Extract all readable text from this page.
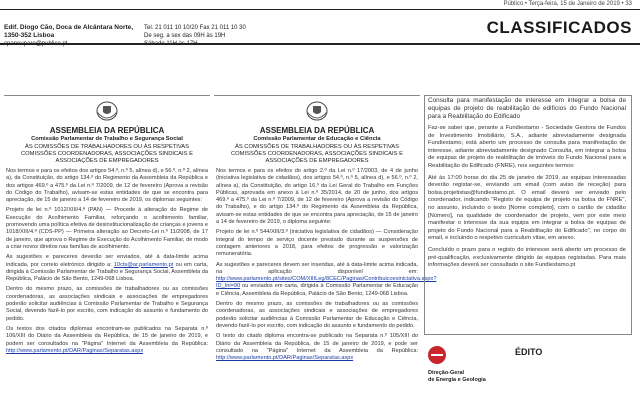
Público • Terça-feira, 15 de Janeiro de 2019 • 33
Edif. Diogo Cão, Doca de Alcântara Norte,
1350-352 Lisboa

Tel. 21 011 10 10/20 Fax 21 011 10 30
De seg. a sex das 09H às 19H	CLASSIFICADOS
ASSEMBLEIA DA REPÚBLICA
Comissão Parlamentar de Trabalho e Segurança Social
ÀS COMISSÕES DE TRABALHADORES OU ÀS RESPETIVAS COMISSÕES COORDENADORAS, ASSOCIAÇÕES SINDICAIS E ASSOCIAÇÕES DE EMPREGADORES

Nos termos e para os efeitos dos artigos 54.º, n.º 5, alínea d), e 56.º, n.º 2, alínea a), da Constituição, do artigo 134.º do Regimento da Assembleia da República e dos artigos 469.º a 475.º da Lei n.º 7/2009, de 12 de fevereiro (Aprova a revisão do Código do Trabalho), avisam-se estas entidades de que se encontra para apreciação, de 15 de janeiro a 14 de fevereiro de 2019, os diplomas seguintes:

Projeto de lei n.º 1012/XIII/4.ª (PAN) — Procede à alteração do Regime de Execução do Acolhimento Familiar, reforçando o acolhimento familiar, promovendo uma política efetiva de desinstitucionalização de crianças e jovens e 1018/XIII/4.ª (CDS-PP) — Primeira alteração ao Decreto-Lei n.º 11/2008, de 17 de janeiro, que aprova o Regime de Execução do Acolhimento Familiar, de modo a criar novos direitos nas famílias de acolhimento.

As sugestões e pareceres deverão ser enviados, até à data-limite acima indicada, por correio eletrónico dirigido a: 10cts@ar.parlamento.pt ou em carta, dirigida à Comissão Parlamentar de Trabalho e Segurança Social, Assembleia da República, Palácio de São Bento, 1249-068 Lisboa.

Dentro do mesmo prazo, as comissões de trabalhadores ou as comissões coordenadoras, as associações sindicais e associações de empregadores poderão solicitar audiências à Comissão Parlamentar de Trabalho e Segurança Social, devendo fazê-lo por escrito, com indicação do assunto e fundamento do pedido.

Os textos dos citados diplomas encontram-se publicados na Separata n.º 106/XIII do Diário da Assembleia da República, de 15 de janeiro de 2019, e podem ser consultados na "Página" Internet da Assembleia da República: http://www.parlamento.pt/DAR/Paginas/Separatas.aspx

ASSEMBLEIA DA REPÚBLICA
Comissão Parlamentar de Educação e Ciência
ÀS COMISSÕES DE TRABALHADORES OU ÀS RESPETIVAS COMISSÕES COORDENADORAS, ASSOCIAÇÕES SINDICAIS E ASSOCIAÇÕES DE EMPREGADORES

Nos termos e para os efeitos do artigo 2.º da Lei n.º 17/2003, de 4 de junho (iniciativa legislativa de cidadãos), dos artigos 54.º, n.º 5, alínea d), e 56.º, n.º 2, alínea a), da Constituição, do artigo 16.º da Lei Geral do Trabalho em Funções Públicas, aprovada em anexo à Lei n.º 35/2014, de 20 de junho, dos artigos 469.º a 475.º da Lei n.º 7/2009, de 12 de fevereiro (Aprova a revisão do Código do Trabalho), e do artigo 134.º do Regimento da Assembleia da República, avisam-se estas entidades de que se encontra para apreciação, de 15 de janeiro a 14 de fevereiro de 2019, o diploma seguinte:

Projeto de lei n.º 544/XIII/3.ª (iniciativa legislativa de cidadãos) — Consideração integral do tempo de serviço docente prestado durante as suspensões de contagem anteriores a 2018, para efeitos de progressão e valorização remuneratória.

As sugestões e pareceres devem ser inseridas, até à data-limite acima indicada, na aplicação disponível em: http://www.parlamento.pt/sites/COM/XIIILeg/8CEC/Paginas/Contribuicoesiniciativa.aspx?ID_Ini=90 ou enviados em carta, dirigida à Comissão Parlamentar de Educação e Ciência, Assembleia da República, Palácio de São Bento, 1249-068 Lisboa.

Dentro do mesmo prazo, as comissões de trabalhadores ou as comissões coordenadoras, as associações sindicais e associações de empregadores poderão solicitar audiências à Comissão Parlamentar de Educação e Ciência, devendo fazê-lo por escrito, com indicação do assunto e fundamento do pedido.

O texto do citado diploma encontra-se publicado na Separata n.º 105/XIII do Diário da Assembleia da República, de 15 de janeiro de 2019, e pode ser consultado na "Página" Internet da Assembleia da República: http://www.parlamento.pt/DAR/Paginas/Separatas.aspx

Consulta para manifestação de interesse em integrar a bolsa de equipas de projeto de reabilitação de edifícios do Fundo Nacional para a Reabilitação do Edificado

Faz-se saber que, perante a Fundiestamo - Sociedade Gestora de Fundos de Investimento Imobiliário, S.A., adiante abreviadamente designada Fundiestamo, está aberto um processo de consulta para manifestação de interesse, adiante abreviadamente designado Consulta, em integrar a bolsa de equipas de projeto de reabilitação de imóveis do Fundo Nacional para a Reabilitação do Edificado (FNRE), nos seguintes termos:

Até às 17:00 horas do dia 25 de janeiro de 2019, as equipas interessadas deverão registar-se, enviando um email (com aviso de receção) para bolsa.projetistas@fundiestamo.pt. O email deverá ser enviado pelo coordenador, indicando "Registo de equipa de projeto na bolsa do FNRE", no assunto, incluindo o texto [Nome completo], com o cartão de cidadão [Número], na qualidade de coordenador de projeto, vem por este meio manifestar o interesse da sua equipa em integrar a bolsa de equipas de projeto do Fundo Nacional para a Reabilitação do Edificado", no corpo do email, e incluindo o respetivo curriculum vitae, em anexo.

Concluído o prazo para o registo do interesse será aberto um processo de pré-qualificação, exclusivamente dirigido às equipas registadas. Para mais informações deverá ser consultado o site Fundiestamo.pt

Direção-Geral
de Energia e Geologia
ÉDITO
